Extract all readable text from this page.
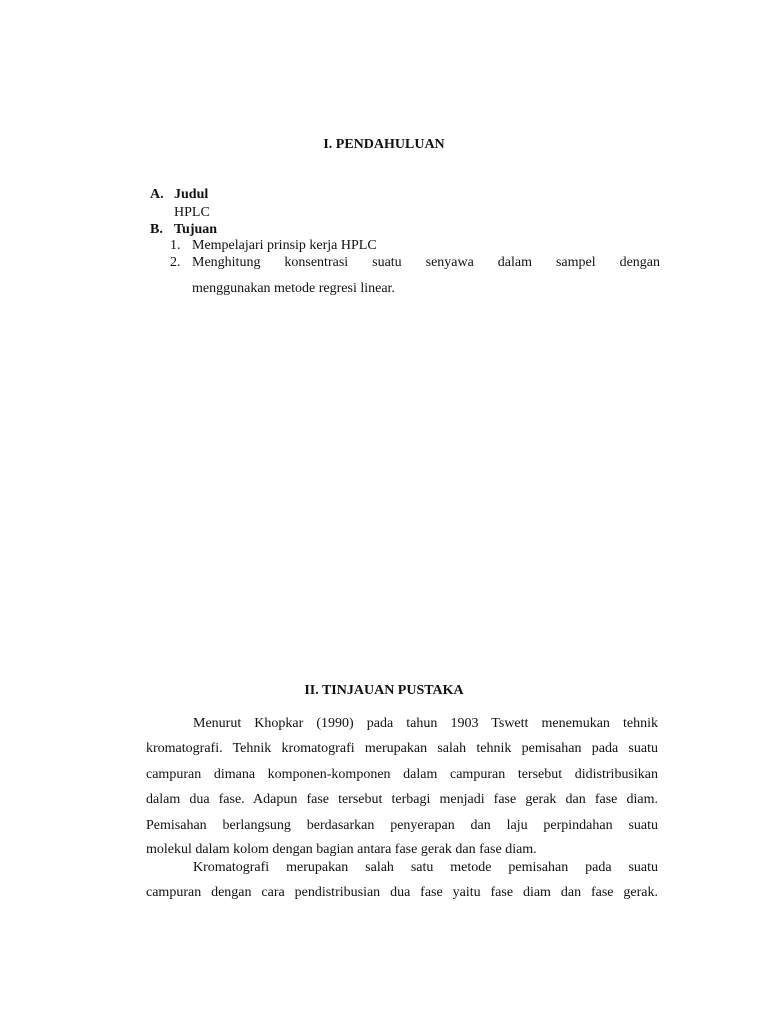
I. PENDAHULUAN
A. Judul
HPLC
B. Tujuan
1. Mempelajari prinsip kerja HPLC
2. Menghitung konsentrasi suatu senyawa dalam sampel dengan
menggunakan metode regresi linear.
II. TINJAUAN PUSTAKA
Menurut Khopkar (1990) pada tahun 1903 Tswett menemukan tehnik
kromatografi. Tehnik kromatografi merupakan salah tehnik pemisahan pada suatu
campuran dimana komponen-komponen dalam campuran tersebut didistribusikan
dalam dua fase. Adapun fase tersebut terbagi menjadi fase gerak dan fase diam.
Pemisahan berlangsung berdasarkan penyerapan dan laju perpindahan suatu
molekul dalam kolom dengan bagian antara fase gerak dan fase diam.
Kromatografi merupakan salah satu metode pemisahan pada suatu
campuran dengan cara pendistribusian dua fase yaitu fase diam dan fase gerak.
